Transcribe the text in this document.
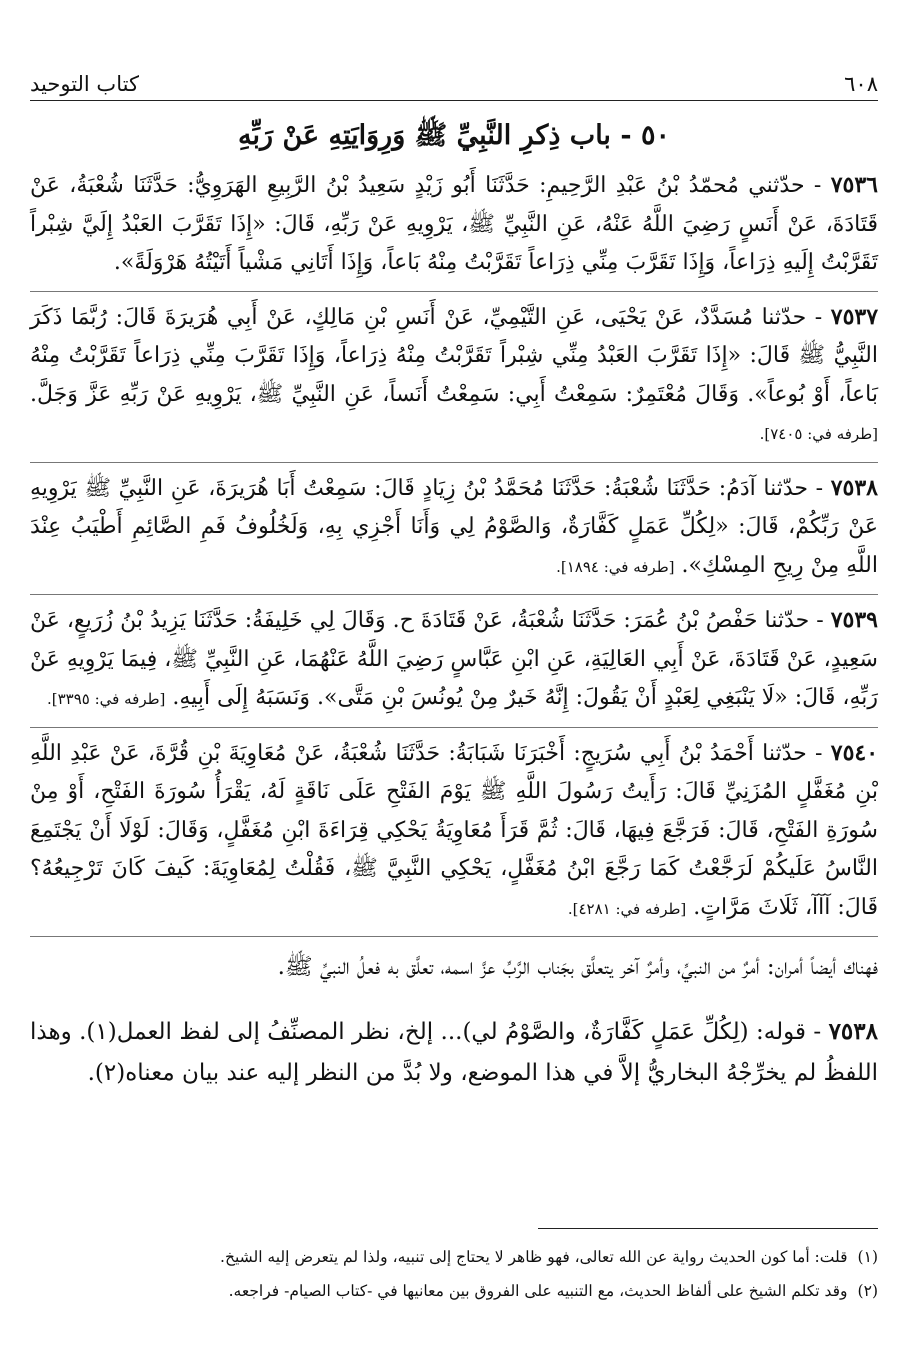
٦٠٨
كتاب التوحيد
٥٠ - باب ذِكرِ النَّبِيِّ ﷺ وَرِوَايَتِهِ عَنْ رَبِّهِ

٧٥٣٦ - حدّثني مُحمّدُ بْنُ عَبْدِ الرَّحِيمِ: حَدَّثَنَا أَبُو زَيْدٍ سَعِيدُ بْنُ الرَّبِيعِ الهَرَوِيُّ: حَدَّثَنَا شُعْبَةُ، عَنْ قَتَادَةَ، عَنْ أَنَسٍ رَضِيَ اللَّهُ عَنْهُ، عَنِ النَّبِيِّ ﷺ، يَرْوِيهِ عَنْ رَبِّهِ، قَالَ: «إِذَا تَقَرَّبَ العَبْدُ إِلَيَّ شِبْراً تَقَرَّبْتُ إِلَيهِ ذِرَاعاً، وَإِذَا تَقَرَّبَ مِنِّي ذِرَاعاً تَقَرَّبْتُ مِنْهُ بَاعاً، وَإِذَا أَتَانِي مَشْياً أَتَيْتُهُ هَرْوَلَةً».

٧٥٣٧ - حدّثنا مُسَدَّدٌ، عَنْ يَحْيَى، عَنِ التَّيْمِيِّ، عَنْ أَنَسِ بْنِ مَالِكٍ، عَنْ أَبِي هُرَيرَةَ قَالَ: رُبَّمَا ذَكَرَ النَّبِيُّ ﷺ قَالَ: «إِذَا تَقَرَّبَ العَبْدُ مِنِّي شِبْراً تَقَرَّبْتُ مِنْهُ ذِرَاعاً، وَإِذَا تَقَرَّبَ مِنِّي ذِرَاعاً تَقَرَّبْتُ مِنْهُ بَاعاً، أَوْ بُوعاً». وَقَالَ مُعْتَمِرٌ: سَمِعْتُ أَبِي: سَمِعْتُ أَنَساً، عَنِ النَّبِيِّ ﷺ، يَرْوِيهِ عَنْ رَبِّهِ عَزَّ وَجَلَّ. [طرفه في: ٧٤٠٥].

٧٥٣٨ - حدّثنا آدَمُ: حَدَّثَنَا شُعْبَةُ: حَدَّثَنَا مُحَمَّدُ بْنُ زِيَادٍ قَالَ: سَمِعْتُ أَبَا هُرَيرَةَ، عَنِ النَّبِيِّ ﷺ يَرْوِيهِ عَنْ رَبِّكُمْ، قَالَ: «لِكُلِّ عَمَلٍ كَفَّارَةٌ، وَالصَّوْمُ لِي وَأَنَا أَجْزِي بِهِ، وَلَخُلُوفُ فَمِ الصَّائِمِ أَطْيَبُ عِنْدَ اللَّهِ مِنْ رِيحِ المِسْكِ». [طرفه في: ١٨٩٤].

٧٥٣٩ - حدّثنا حَفْصُ بْنُ عُمَرَ: حَدَّثَنَا شُعْبَةُ، عَنْ قَتَادَةَ ح. وَقَالَ لِي خَلِيفَةُ: حَدَّثَنَا يَزِيدُ بْنُ زُرَيعٍ، عَنْ سَعِيدٍ، عَنْ قَتَادَةَ، عَنْ أَبِي العَالِيَةِ، عَنِ ابْنِ عَبَّاسٍ رَضِيَ اللَّهُ عَنْهُمَا، عَنِ النَّبِيِّ ﷺ، فِيمَا يَرْوِيهِ عَنْ رَبِّهِ، قَالَ: «لَا يَنْبَغِي لِعَبْدٍ أَنْ يَقُولَ: إِنَّهُ خَيرٌ مِنْ يُونُسَ بْنِ مَتَّى». وَنَسَبَهُ إِلَى أَبِيهِ. [طرفه في: ٣٣٩٥].

٧٥٤٠ - حدّثنا أَحْمَدُ بْنُ أَبِي سُرَيجٍ: أَخْبَرَنَا شَبَابَةُ: حَدَّثَنَا شُعْبَةُ، عَنْ مُعَاوِيَةَ بْنِ قُرَّةَ، عَنْ عَبْدِ اللَّهِ بْنِ مُغَفَّلٍ المُزَنِيِّ قَالَ: رَأَيتُ رَسُولَ اللَّهِ ﷺ يَوْمَ الفَتْحِ عَلَى نَاقَةٍ لَهُ، يَقْرَأُ سُورَةَ الفَتْحِ، أَوْ مِنْ سُورَةِ الفَتْحِ، قَالَ: فَرَجَّعَ فِيهَا، قَالَ: ثُمَّ قَرَأَ مُعَاوِيَةُ يَحْكِي قِرَاءَةَ ابْنِ مُغَفَّلٍ، وَقَالَ: لَوْلَا أَنْ يَجْتَمِعَ النَّاسُ عَلَيكُمْ لَرَجَّعْتُ كَمَا رَجَّعَ ابْنُ مُغَفَّلٍ، يَحْكِي النَّبِيَّ ﷺ، فَقُلْتُ لِمُعَاوِيَةَ: كَيفَ كَانَ تَرْجِيعُهُ؟ قَالَ: آآآ، ثَلَاثَ مَرَّاتٍ. [طرفه في: ٤٢٨١].

فهناك أيضاً أمران: أمرٌ من النبيِّ، وأمرٌ آخر يتعلَّق بجَناب الرَّبِّ عزَّ اسمه، تعلَّق به فعلُ النبيِّ ﷺ.

٧٥٣٨ - قوله: (لِكُلِّ عَمَلٍ كَفَّارَةٌ، والصَّوْمُ لي)... إلخ، نظر المصنِّفُ إلى لفظ العمل(١). وهذا اللفظُ لم يخرِّجْهُ البخاريُّ إلاَّ في هذا الموضع، ولا بُدَّ من النظر إليه عند بيان معناه(٢).

(١)
قلت: أما كون الحديث رواية عن الله تعالى، فهو ظاهر لا يحتاج إلى تنبيه، ولذا لم يتعرض إليه الشيخ.
(٢)
وقد تكلم الشيخ على ألفاظ الحديث، مع التنبيه على الفروق بين معانيها في -كتاب الصيام- فراجعه.
